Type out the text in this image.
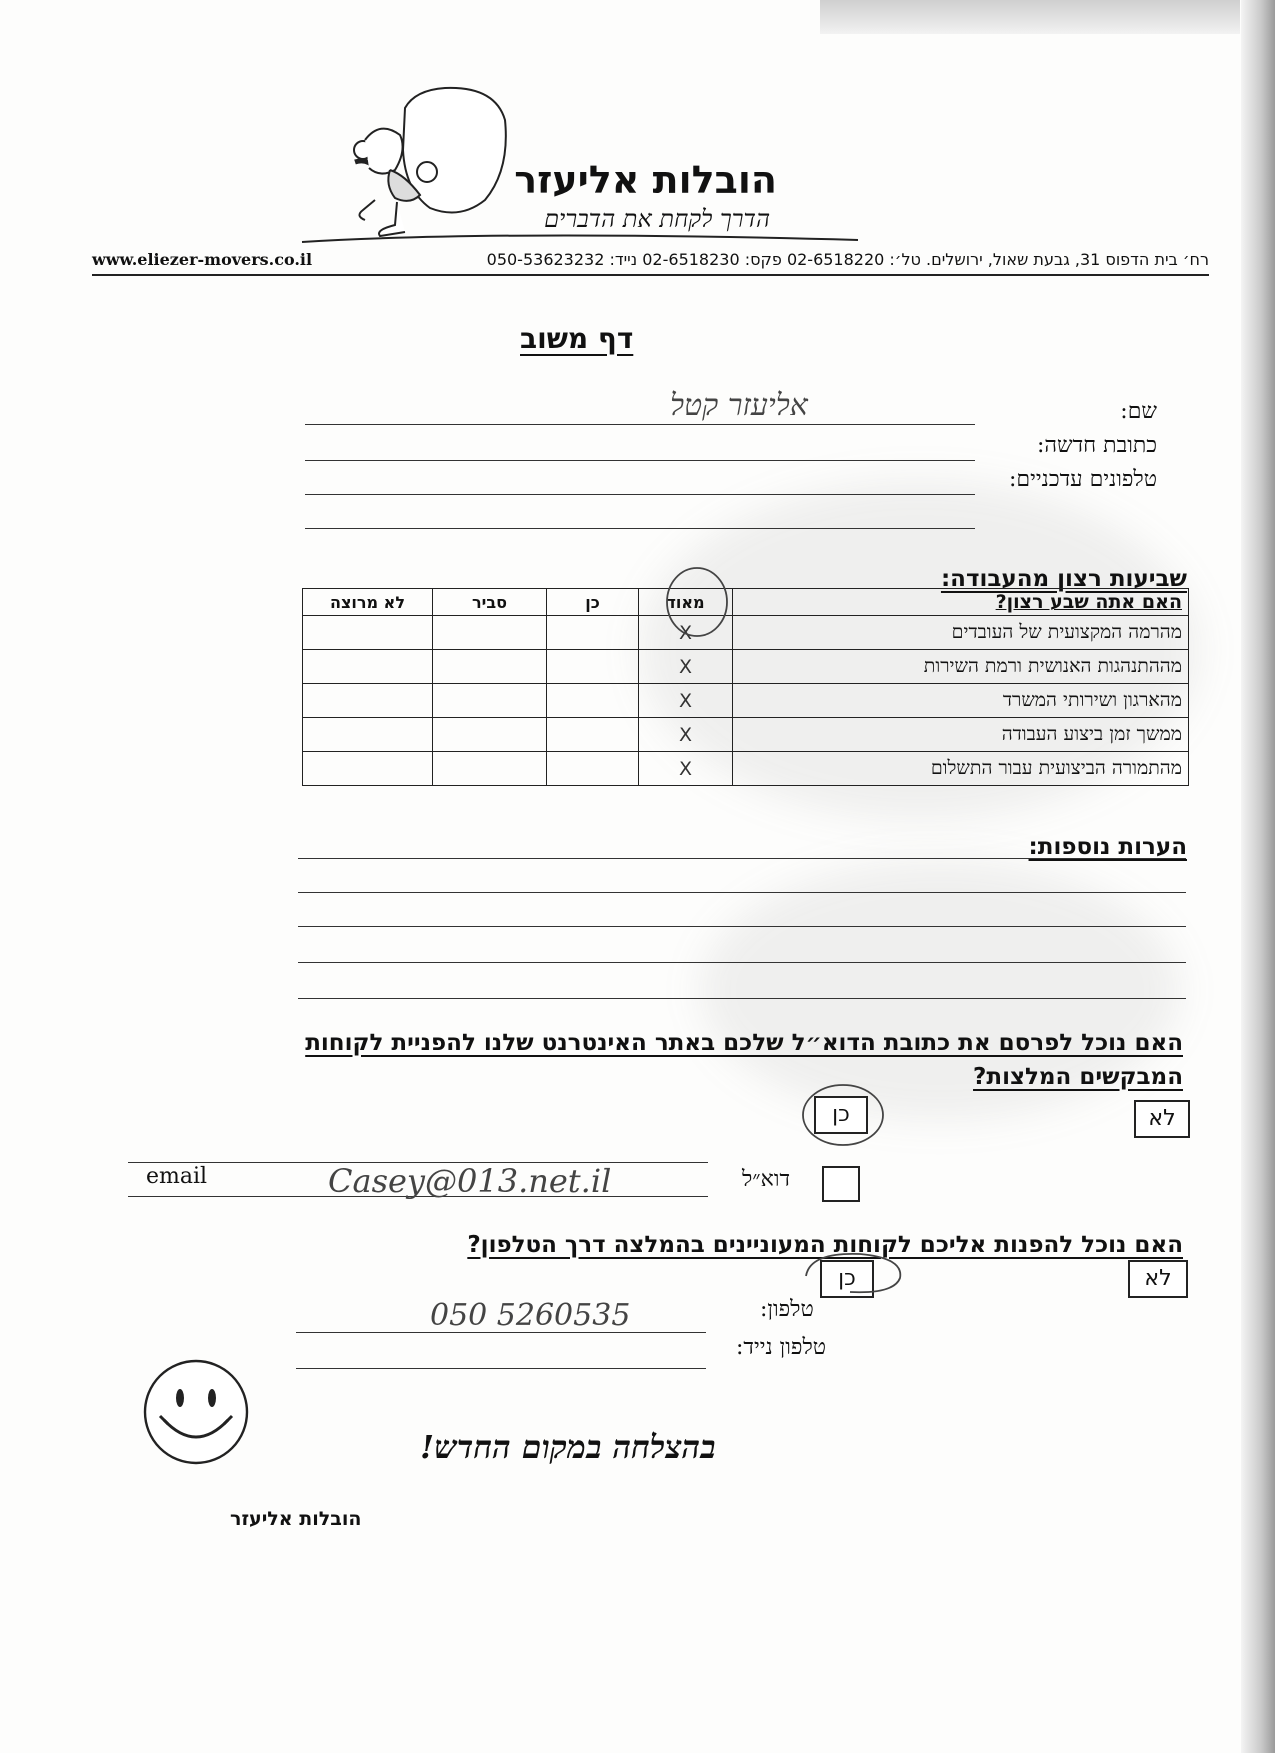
הובלות אליעזר
הדרך לקחת את הדברים
www.eliezer-movers.co.il	רח׳ בית הדפוס 31, גבעת שאול, ירושלים. טל׳: 02-6518220 פקס: 02-6518230 נייד: 050-53623232
דף משוב
שם:
אליעזר קטל
כתובת חדשה:
טלפונים עדכניים:
שביעות רצון מהעבודה:
האם אתה שבע רצון?	מאוד	כן	סביר	לא מרוצה
מהרמה המקצועית של העובדים	X			
מההתנהגות האנושית ורמת השירות	X			
מהארגון ושירותי המשרד	X			
ממשך זמן ביצוע העבודה	X			
מהתמורה הביצועית עבור התשלום	X			
הערות נוספות:
האם נוכל לפרסם את כתובת הדוא״ל שלכם באתר האינטרנט שלנו להפניית לקוחות
המבקשים המלצות?
לא
כן
email	Casey@013.net.il	דוא״ל
האם נוכל להפנות אליכם לקוחות המעוניינים בהמלצה דרך הטלפון?
לא
כן
טלפון:
050 5260535
טלפון נייד:
בהצלחה במקום החדש!
הובלות אליעזר
